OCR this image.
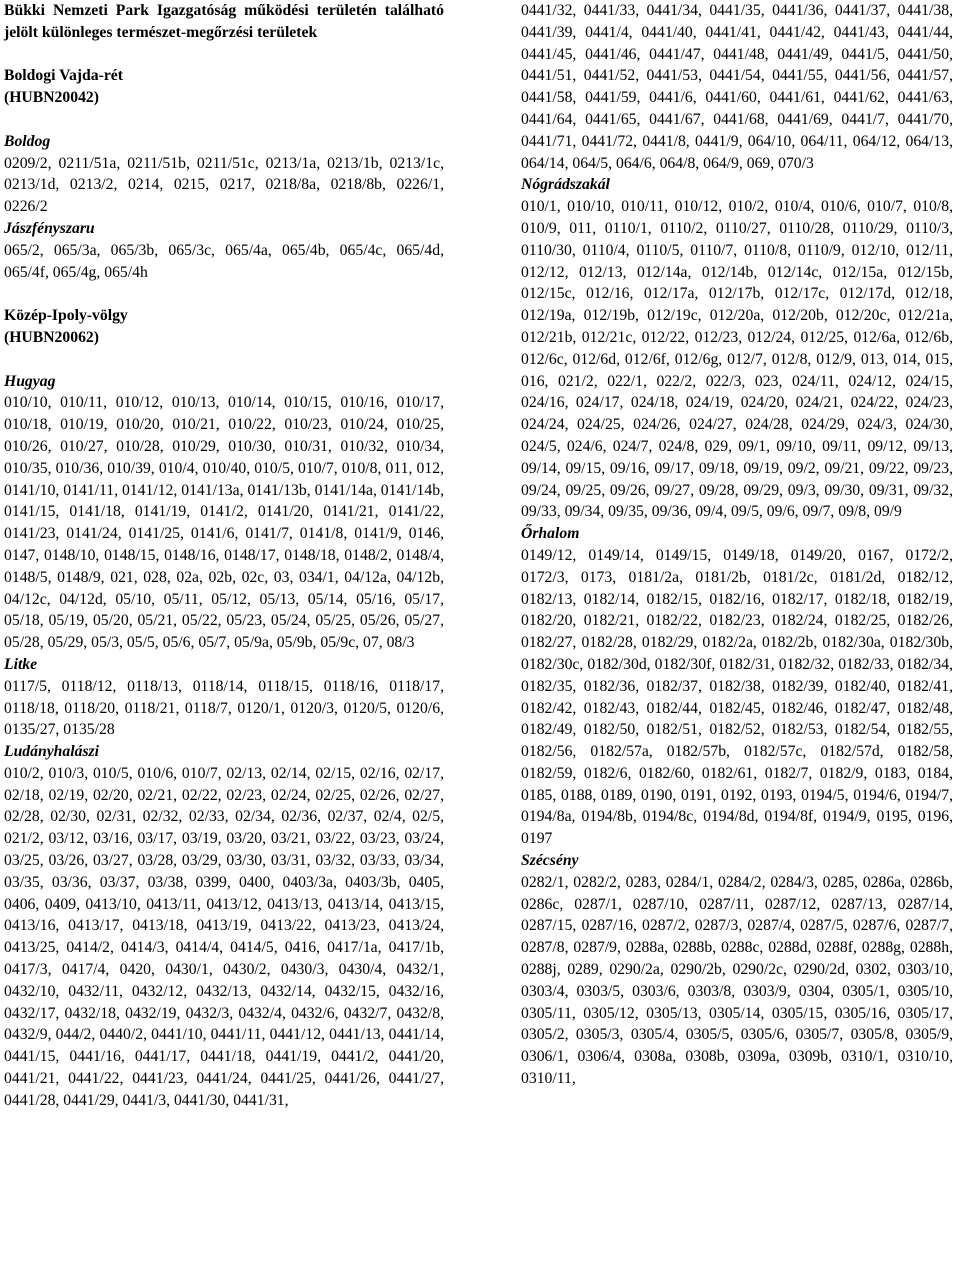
Bükki Nemzeti Park Igazgatóság működési területén található jelölt különleges természet-megőrzési területek

Boldogi Vajda-rét

(HUBN20042)

Boldog

0209/2, 0211/51a, 0211/51b, 0211/51c, 0213/1a, 0213/1b, 0213/1c, 0213/1d, 0213/2, 0214, 0215, 0217, 0218/8a, 0218/8b, 0226/1, 0226/2

Jászfényszaru

065/2, 065/3a, 065/3b, 065/3c, 065/4a, 065/4b, 065/4c, 065/4d, 065/4f, 065/4g, 065/4h

Közép-Ipoly-völgy

(HUBN20062)

Hugyag

010/10, 010/11, 010/12, 010/13, 010/14, 010/15, 010/16, 010/17, 010/18, 010/19, 010/20, 010/21, 010/22, 010/23, 010/24, 010/25, 010/26, 010/27, 010/28, 010/29, 010/30, 010/31, 010/32, 010/34, 010/35, 010/36, 010/39, 010/4, 010/40, 010/5, 010/7, 010/8, 011, 012, 0141/10, 0141/11, 0141/12, 0141/13a, 0141/13b, 0141/14a, 0141/14b, 0141/15, 0141/18, 0141/19, 0141/2, 0141/20, 0141/21, 0141/22, 0141/23, 0141/24, 0141/25, 0141/6, 0141/7, 0141/8, 0141/9, 0146, 0147, 0148/10, 0148/15, 0148/16, 0148/17, 0148/18, 0148/2, 0148/4, 0148/5, 0148/9, 021, 028, 02a, 02b, 02c, 03, 034/1, 04/12a, 04/12b, 04/12c, 04/12d, 05/10, 05/11, 05/12, 05/13, 05/14, 05/16, 05/17, 05/18, 05/19, 05/20, 05/21, 05/22, 05/23, 05/24, 05/25, 05/26, 05/27, 05/28, 05/29, 05/3, 05/5, 05/6, 05/7, 05/9a, 05/9b, 05/9c, 07, 08/3

Litke

0117/5, 0118/12, 0118/13, 0118/14, 0118/15, 0118/16, 0118/17, 0118/18, 0118/20, 0118/21, 0118/7, 0120/1, 0120/3, 0120/5, 0120/6, 0135/27, 0135/28

Ludányhalászi

010/2, 010/3, 010/5, 010/6, 010/7, 02/13, 02/14, 02/15, 02/16, 02/17, 02/18, 02/19, 02/20, 02/21, 02/22, 02/23, 02/24, 02/25, 02/26, 02/27, 02/28, 02/30, 02/31, 02/32, 02/33, 02/34, 02/36, 02/37, 02/4, 02/5, 021/2, 03/12, 03/16, 03/17, 03/19, 03/20, 03/21, 03/22, 03/23, 03/24, 03/25, 03/26, 03/27, 03/28, 03/29, 03/30, 03/31, 03/32, 03/33, 03/34, 03/35, 03/36, 03/37, 03/38, 0399, 0400, 0403/3a, 0403/3b, 0405, 0406, 0409, 0413/10, 0413/11, 0413/12, 0413/13, 0413/14, 0413/15, 0413/16, 0413/17, 0413/18, 0413/19, 0413/22, 0413/23, 0413/24, 0413/25, 0414/2, 0414/3, 0414/4, 0414/5, 0416, 0417/1a, 0417/1b, 0417/3, 0417/4, 0420, 0430/1, 0430/2, 0430/3, 0430/4, 0432/1, 0432/10, 0432/11, 0432/12, 0432/13, 0432/14, 0432/15, 0432/16, 0432/17, 0432/18, 0432/19, 0432/3, 0432/4, 0432/6, 0432/7, 0432/8, 0432/9, 044/2, 0440/2, 0441/10, 0441/11, 0441/12, 0441/13, 0441/14, 0441/15, 0441/16, 0441/17, 0441/18, 0441/19, 0441/2, 0441/20, 0441/21, 0441/22, 0441/23, 0441/24, 0441/25, 0441/26, 0441/27, 0441/28, 0441/29, 0441/3, 0441/30, 0441/31,

0441/32, 0441/33, 0441/34, 0441/35, 0441/36, 0441/37, 0441/38, 0441/39, 0441/4, 0441/40, 0441/41, 0441/42, 0441/43, 0441/44, 0441/45, 0441/46, 0441/47, 0441/48, 0441/49, 0441/5, 0441/50, 0441/51, 0441/52, 0441/53, 0441/54, 0441/55, 0441/56, 0441/57, 0441/58, 0441/59, 0441/6, 0441/60, 0441/61, 0441/62, 0441/63, 0441/64, 0441/65, 0441/67, 0441/68, 0441/69, 0441/7, 0441/70, 0441/71, 0441/72, 0441/8, 0441/9, 064/10, 064/11, 064/12, 064/13, 064/14, 064/5, 064/6, 064/8, 064/9, 069, 070/3

Nógrádszakál

010/1, 010/10, 010/11, 010/12, 010/2, 010/4, 010/6, 010/7, 010/8, 010/9, 011, 0110/1, 0110/2, 0110/27, 0110/28, 0110/29, 0110/3, 0110/30, 0110/4, 0110/5, 0110/7, 0110/8, 0110/9, 012/10, 012/11, 012/12, 012/13, 012/14a, 012/14b, 012/14c, 012/15a, 012/15b, 012/15c, 012/16, 012/17a, 012/17b, 012/17c, 012/17d, 012/18, 012/19a, 012/19b, 012/19c, 012/20a, 012/20b, 012/20c, 012/21a, 012/21b, 012/21c, 012/22, 012/23, 012/24, 012/25, 012/6a, 012/6b, 012/6c, 012/6d, 012/6f, 012/6g, 012/7, 012/8, 012/9, 013, 014, 015, 016, 021/2, 022/1, 022/2, 022/3, 023, 024/11, 024/12, 024/15, 024/16, 024/17, 024/18, 024/19, 024/20, 024/21, 024/22, 024/23, 024/24, 024/25, 024/26, 024/27, 024/28, 024/29, 024/3, 024/30, 024/5, 024/6, 024/7, 024/8, 029, 09/1, 09/10, 09/11, 09/12, 09/13, 09/14, 09/15, 09/16, 09/17, 09/18, 09/19, 09/2, 09/21, 09/22, 09/23, 09/24, 09/25, 09/26, 09/27, 09/28, 09/29, 09/3, 09/30, 09/31, 09/32, 09/33, 09/34, 09/35, 09/36, 09/4, 09/5, 09/6, 09/7, 09/8, 09/9

Őrhalom

0149/12, 0149/14, 0149/15, 0149/18, 0149/20, 0167, 0172/2, 0172/3, 0173, 0181/2a, 0181/2b, 0181/2c, 0181/2d, 0182/12, 0182/13, 0182/14, 0182/15, 0182/16, 0182/17, 0182/18, 0182/19, 0182/20, 0182/21, 0182/22, 0182/23, 0182/24, 0182/25, 0182/26, 0182/27, 0182/28, 0182/29, 0182/2a, 0182/2b, 0182/30a, 0182/30b, 0182/30c, 0182/30d, 0182/30f, 0182/31, 0182/32, 0182/33, 0182/34, 0182/35, 0182/36, 0182/37, 0182/38, 0182/39, 0182/40, 0182/41, 0182/42, 0182/43, 0182/44, 0182/45, 0182/46, 0182/47, 0182/48, 0182/49, 0182/50, 0182/51, 0182/52, 0182/53, 0182/54, 0182/55, 0182/56, 0182/57a, 0182/57b, 0182/57c, 0182/57d, 0182/58, 0182/59, 0182/6, 0182/60, 0182/61, 0182/7, 0182/9, 0183, 0184, 0185, 0188, 0189, 0190, 0191, 0192, 0193, 0194/5, 0194/6, 0194/7, 0194/8a, 0194/8b, 0194/8c, 0194/8d, 0194/8f, 0194/9, 0195, 0196, 0197

Szécsény

0282/1, 0282/2, 0283, 0284/1, 0284/2, 0284/3, 0285, 0286a, 0286b, 0286c, 0287/1, 0287/10, 0287/11, 0287/12, 0287/13, 0287/14, 0287/15, 0287/16, 0287/2, 0287/3, 0287/4, 0287/5, 0287/6, 0287/7, 0287/8, 0287/9, 0288a, 0288b, 0288c, 0288d, 0288f, 0288g, 0288h, 0288j, 0289, 0290/2a, 0290/2b, 0290/2c, 0290/2d, 0302, 0303/10, 0303/4, 0303/5, 0303/6, 0303/8, 0303/9, 0304, 0305/1, 0305/10, 0305/11, 0305/12, 0305/13, 0305/14, 0305/15, 0305/16, 0305/17, 0305/2, 0305/3, 0305/4, 0305/5, 0305/6, 0305/7, 0305/8, 0305/9, 0306/1, 0306/4, 0308a, 0308b, 0309a, 0309b, 0310/1, 0310/10, 0310/11,
